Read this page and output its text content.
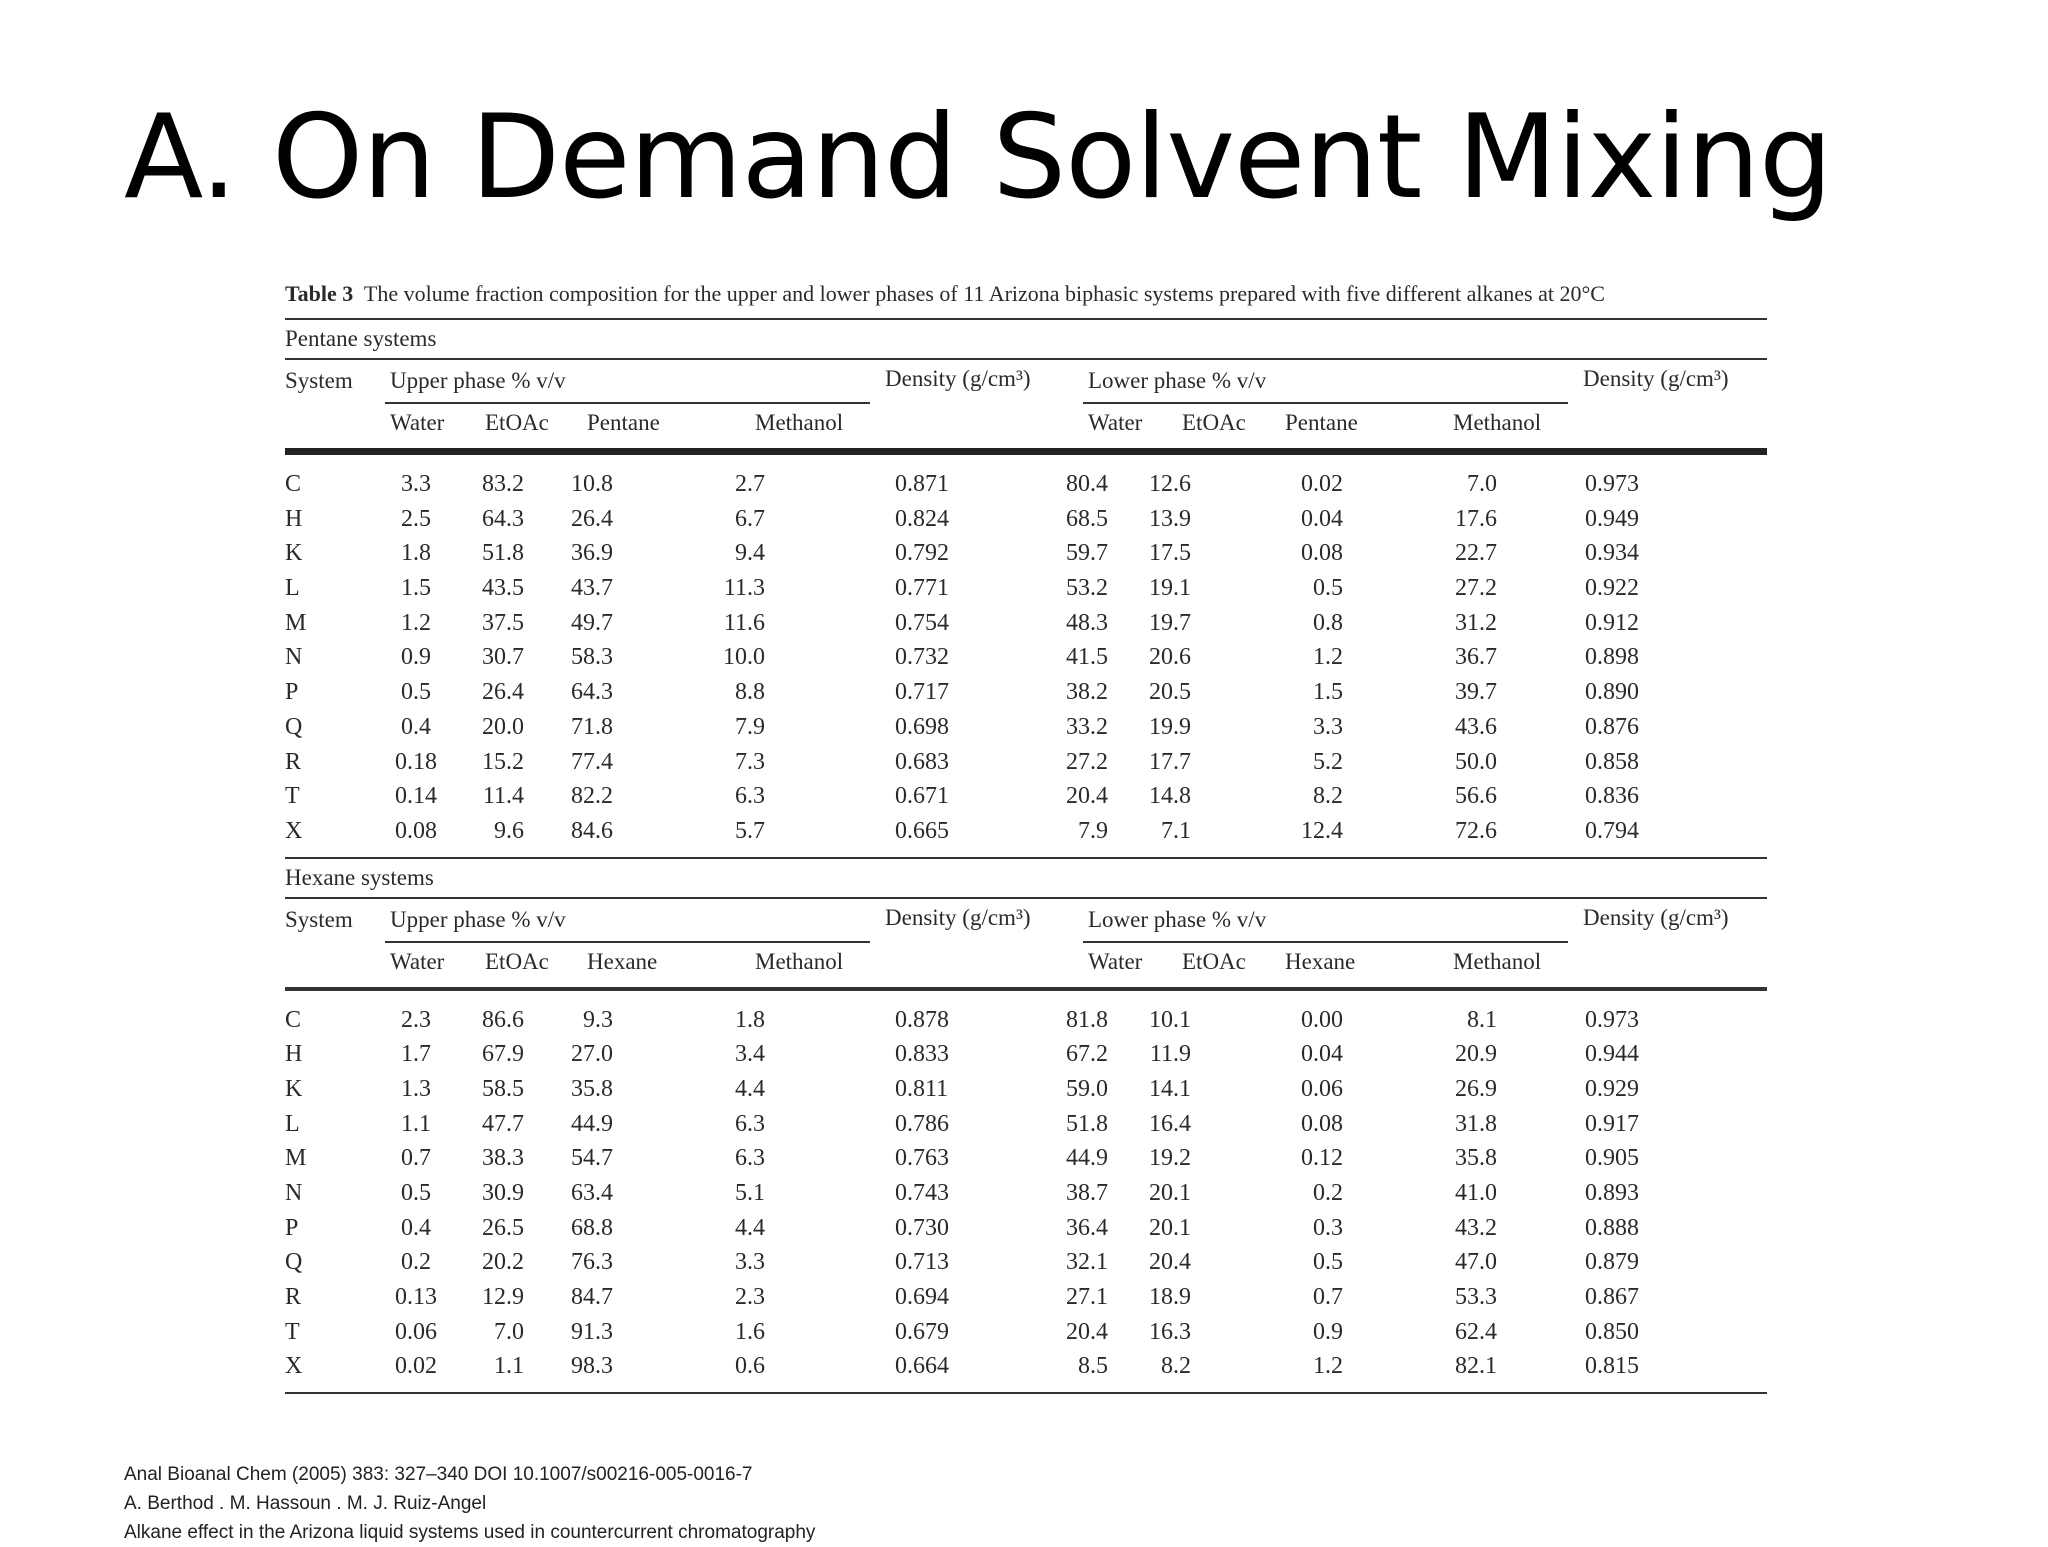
A. On Demand Solvent Mixing
Table 3 The volume fraction composition for the upper and lower phases of 11 Arizona biphasic systems prepared with five different alkanes at 20°C
Pentane systems
System Upper phase % v/v	Density (g/cm³) Lower phase % v/v	Density (g/cm³)
Water EtOAc Pentane	Methanol	Water EtOAc Pentane	Methanol
C	3.3 83.2 10.8	2.7	0.871	80.4	12.6	0.02	7.0	0.973
H	2.5 64.3 26.4	6.7	0.824	68.5	13.9	0.04	17.6	0.949
K	1.8 51.8 36.9	9.4	0.792	59.7	17.5	0.08	22.7	0.934
L	1.5 43.5 43.7	11.3	0.771	53.2	19.1	0.5	27.2	0.922
M	1.2 37.5 49.7	11.6	0.754	48.3	19.7	0.8	31.2	0.912
N	0.9 30.7 58.3	10.0	0.732	41.5	20.6	1.2	36.7	0.898
P	0.5 26.4 64.3	8.8	0.717	38.2	20.5	1.5	39.7	0.890
Q	0.4 20.0 71.8	7.9	0.698	33.2	19.9	3.3	43.6	0.876
R	0.18 15.2 77.4	7.3	0.683	27.2	17.7	5.2	50.0	0.858
T	0.14 11.4 82.2	6.3	0.671	20.4	14.8	8.2	56.6	0.836
X	0.08	9.6 84.6	5.7	0.665	7.9	7.1	12.4	72.6	0.794
Hexane systems
System Upper phase % v/v	Density (g/cm³) Lower phase % v/v	Density (g/cm³)
Water EtOAc Hexane	Methanol	Water EtOAc Hexane	Methanol
C	2.3 86.6	9.3	1.8	0.878	81.8	10.1	0.00	8.1	0.973
H	1.7 67.9 27.0	3.4	0.833	67.2	11.9	0.04	20.9	0.944
K	1.3 58.5 35.8	4.4	0.811	59.0	14.1	0.06	26.9	0.929
L	1.1 47.7 44.9	6.3	0.786	51.8	16.4	0.08	31.8	0.917
M	0.7 38.3 54.7	6.3	0.763	44.9	19.2	0.12	35.8	0.905
N	0.5 30.9 63.4	5.1	0.743	38.7	20.1	0.2	41.0	0.893
P	0.4 26.5 68.8	4.4	0.730	36.4	20.1	0.3	43.2	0.888
Q	0.2 20.2 76.3	3.3	0.713	32.1	20.4	0.5	47.0	0.879
R	0.13 12.9 84.7	2.3	0.694	27.1	18.9	0.7	53.3	0.867
T	0.06	7.0 91.3	1.6	0.679	20.4	16.3	0.9	62.4	0.850
X	0.02	1.1 98.3	0.6	0.664	8.5	8.2	1.2	82.1	0.815
Anal Bioanal Chem (2005) 383: 327–340 DOI 10.1007/s00216-005-0016-7
A. Berthod . M. Hassoun . M. J. Ruiz-Angel
Alkane effect in the Arizona liquid systems used in countercurrent chromatography
